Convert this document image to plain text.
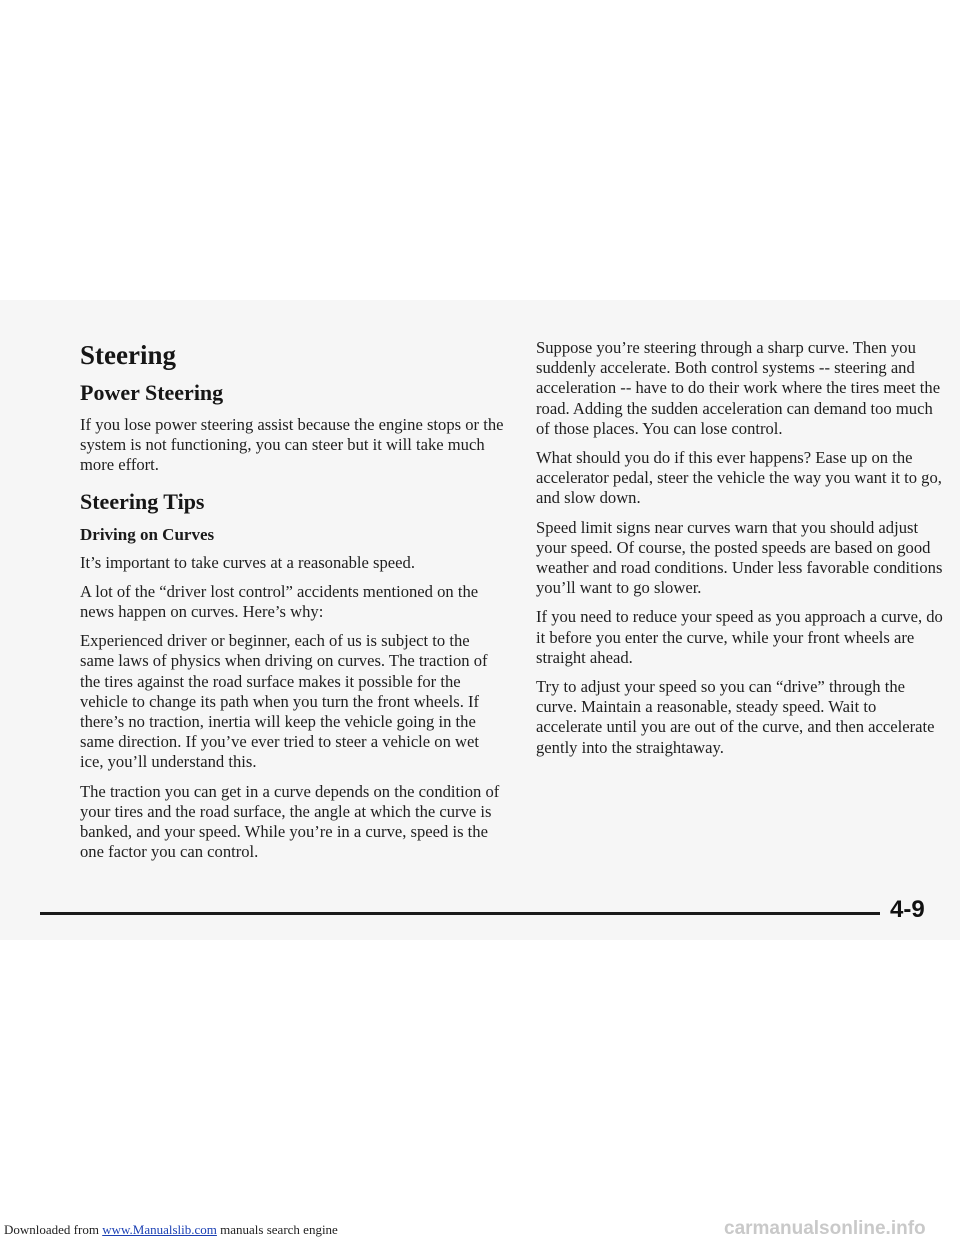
Steering
Power Steering

If you lose power steering assist because the engine stops or the system is not functioning, you can steer but it will take much more effort.

Steering Tips
Driving on Curves

It’s important to take curves at a reasonable speed.

A lot of the “driver lost control” accidents mentioned on the news happen on curves. Here’s why:

Experienced driver or beginner, each of us is subject to the same laws of physics when driving on curves. The traction of the tires against the road surface makes it possible for the vehicle to change its path when you turn the front wheels. If there’s no traction, inertia will keep the vehicle going in the same direction. If you’ve ever tried to steer a vehicle on wet ice, you’ll understand this.

The traction you can get in a curve depends on the condition of your tires and the road surface, the angle at which the curve is banked, and your speed. While you’re in a curve, speed is the one factor you can control.

Suppose you’re steering through a sharp curve. Then you suddenly accelerate. Both control systems -- steering and acceleration -- have to do their work where the tires meet the road. Adding the sudden acceleration can demand too much of those places. You can lose control.

What should you do if this ever happens? Ease up on the accelerator pedal, steer the vehicle the way you want it to go, and slow down.

Speed limit signs near curves warn that you should adjust your speed. Of course, the posted speeds are based on good weather and road conditions. Under less favorable conditions you’ll want to go slower.

If you need to reduce your speed as you approach a curve, do it before you enter the curve, while your front wheels are straight ahead.

Try to adjust your speed so you can “drive” through the curve. Maintain a reasonable, steady speed. Wait to accelerate until you are out of the curve, and then accelerate gently into the straightaway.

4-9
Downloaded from www.Manualslib.com manuals search engine	carmanualsonline.info
